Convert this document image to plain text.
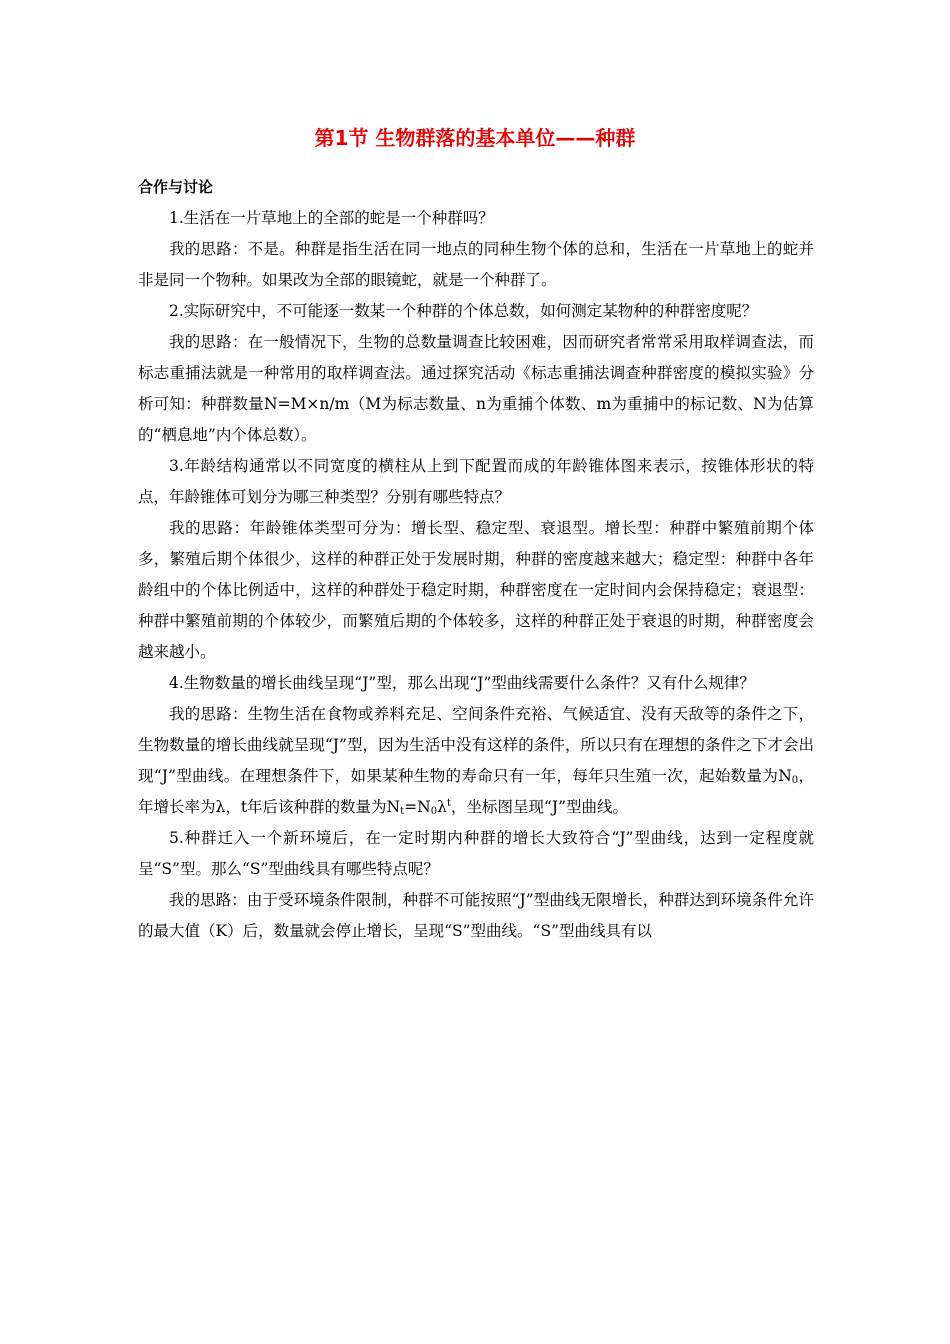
第1节 生物群落的基本单位——种群
合作与讨论

1.生活在一片草地上的全部的蛇是一个种群吗？

我的思路：不是。种群是指生活在同一地点的同种生物个体的总和，生活在一片草地上的蛇并非是同一个物种。如果改为全部的眼镜蛇，就是一个种群了。

2.实际研究中，不可能逐一数某一个种群的个体总数，如何测定某物种的种群密度呢？

我的思路：在一般情况下，生物的总数量调查比较困难，因而研究者常常采用取样调查法，而标志重捕法就是一种常用的取样调查法。通过探究活动《标志重捕法调查种群密度的模拟实验》分析可知：种群数量N=M×n/m（M为标志数量、n为重捕个体数、m为重捕中的标记数、N为估算的“栖息地”内个体总数）。

3.年龄结构通常以不同宽度的横柱从上到下配置而成的年龄锥体图来表示，按锥体形状的特点，年龄锥体可划分为哪三种类型？分别有哪些特点？

我的思路：年龄锥体类型可分为：增长型、稳定型、衰退型。增长型：种群中繁殖前期个体多，繁殖后期个体很少，这样的种群正处于发展时期，种群的密度越来越大；稳定型：种群中各年龄组中的个体比例适中，这样的种群处于稳定时期，种群密度在一定时间内会保持稳定；衰退型：种群中繁殖前期的个体较少，而繁殖后期的个体较多，这样的种群正处于衰退的时期，种群密度会越来越小。

4.生物数量的增长曲线呈现“J”型，那么出现“J”型曲线需要什么条件？又有什么规律？

我的思路：生物生活在食物或养料充足、空间条件充裕、气候适宜、没有天敌等的条件之下，生物数量的增长曲线就呈现“J”型，因为生活中没有这样的条件，所以只有在理想的条件之下才会出现“J”型曲线。在理想条件下，如果某种生物的寿命只有一年，每年只生殖一次，起始数量为$N_0$，年增长率为λ，t年后该种群的数量为$N_t=N_0\lambda^t$，坐标图呈现“J”型曲线。

5.种群迁入一个新环境后，在一定时期内种群的增长大致符合“J”型曲线，达到一定程度就呈“S”型。那么“S”型曲线具有哪些特点呢？

我的思路：由于受环境条件限制，种群不可能按照“J”型曲线无限增长，种群达到环境条件允许的最大值（K）后，数量就会停止增长，呈现“S”型曲线。“S”型曲线具有以
